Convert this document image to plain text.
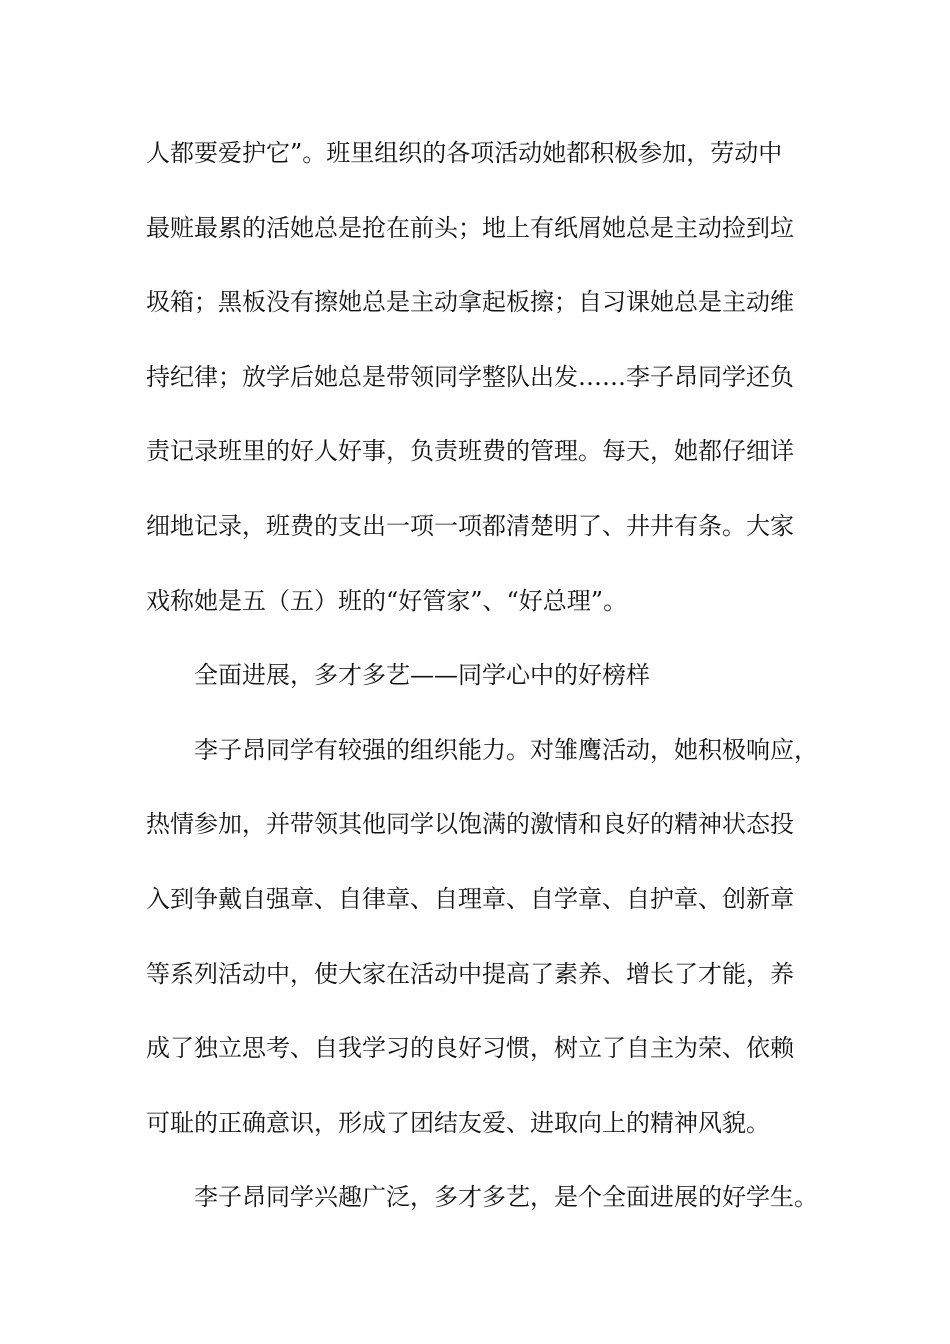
人都要爱护它”。班里组织的各项活动她都积极参加，劳动中
最赃最累的活她总是抢在前头；地上有纸屑她总是主动捡到垃
圾箱；黑板没有擦她总是主动拿起板擦；自习课她总是主动维
持纪律；放学后她总是带领同学整队出发……李子昂同学还负
责记录班里的好人好事，负责班费的管理。每天，她都仔细详
细地记录，班费的支出一项一项都清楚明了、井井有条。大家
戏称她是五（五）班的“好管家”、“好总理”。
全面进展，多才多艺——同学心中的好榜样
李子昂同学有较强的组织能力。对雏鹰活动，她积极响应，
热情参加，并带领其他同学以饱满的激情和良好的精神状态投
入到争戴自强章、自律章、自理章、自学章、自护章、创新章
等系列活动中，使大家在活动中提高了素养、增长了才能，养
成了独立思考、自我学习的良好习惯，树立了自主为荣、依赖
可耻的正确意识，形成了团结友爱、进取向上的精神风貌。
李子昂同学兴趣广泛，多才多艺，是个全面进展的好学生。
